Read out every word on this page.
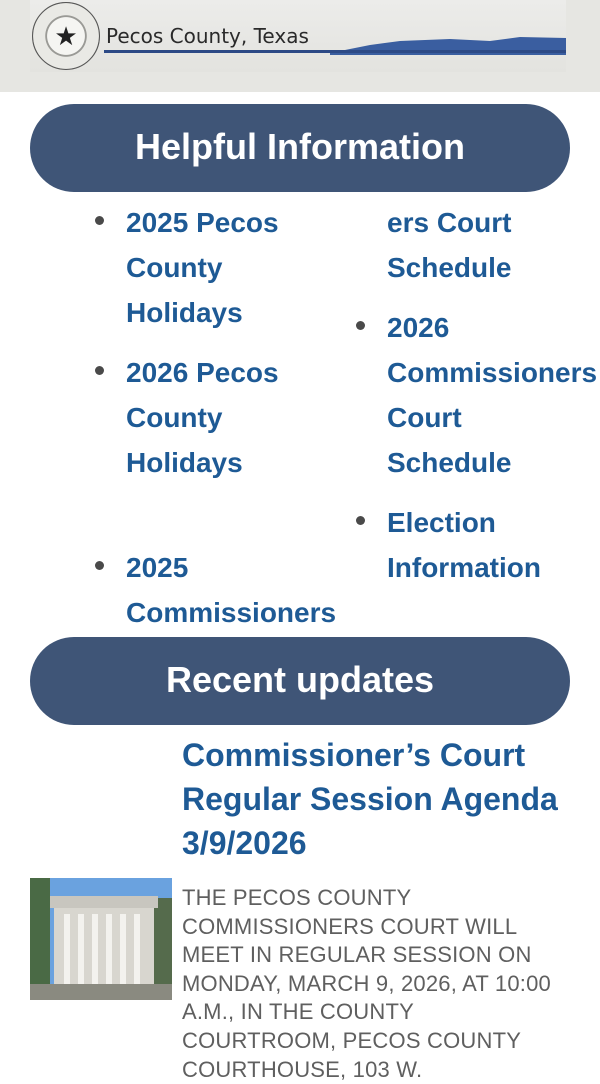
★	Pecos County, Texas
Helpful Information
2025 Pecos County Holidays
2026 Pecos County Holidays
2025 Commissioners
ers Court Schedule
2026 Commissioners Court Schedule
Election Information
Recent updates
Commissioner’s Court Regular Session Agenda 3/9/2026
THE PECOS COUNTY COMMISSIONERS COURT WILL MEET IN REGULAR SESSION ON MONDAY, MARCH 9, 2026, AT 10:00 A.M., IN THE COUNTY COURTROOM, PECOS COUNTY COURTHOUSE, 103 W.
